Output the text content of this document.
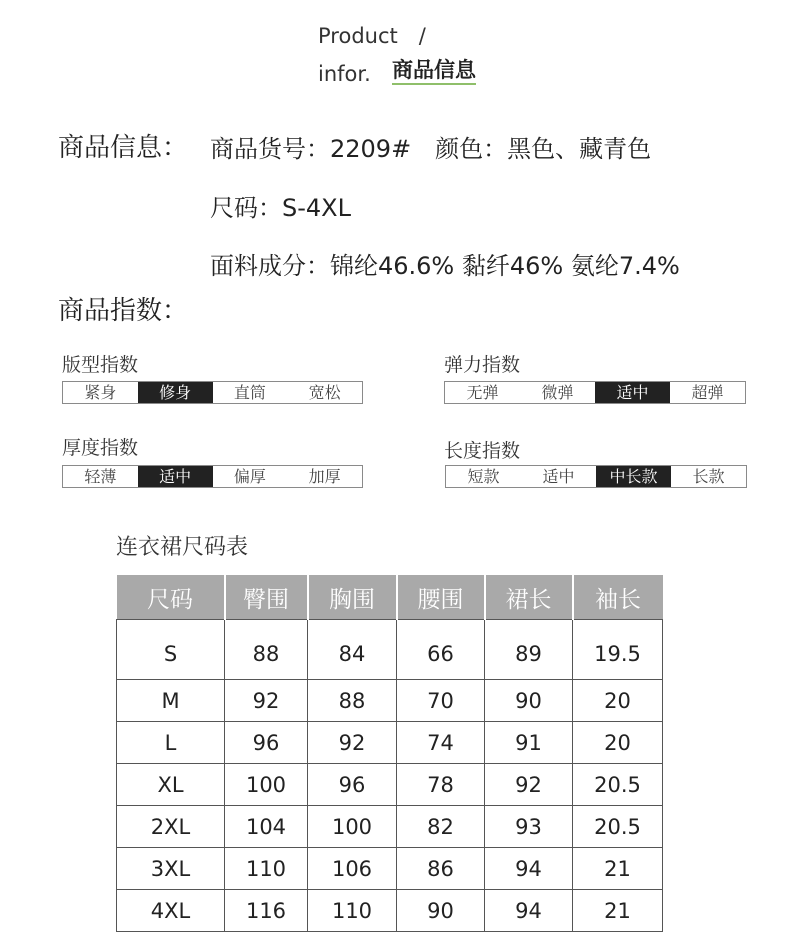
Product　/
infor. 商品信息
商品信息： 商品货号：2209#　颜色：黑色、藏青色
尺码：S-4XL
面料成分：锦纶46.6% 黏纤46% 氨纶7.4%
商品指数：
版型指数
紧身	修身	直筒	宽松
弹力指数
无弹	微弹	适中	超弹
厚度指数
轻薄	适中	偏厚	加厚
长度指数
短款	适中	中长款	长款
连衣裙尺码表
尺码	臀围	胸围	腰围	裙长	袖长
S	88	84	66	89	19.5
M	92	88	70	90	20
L	96	92	74	91	20
XL	100	96	78	92	20.5
2XL	104	100	82	93	20.5
3XL	110	106	86	94	21
4XL	116	110	90	94	21
